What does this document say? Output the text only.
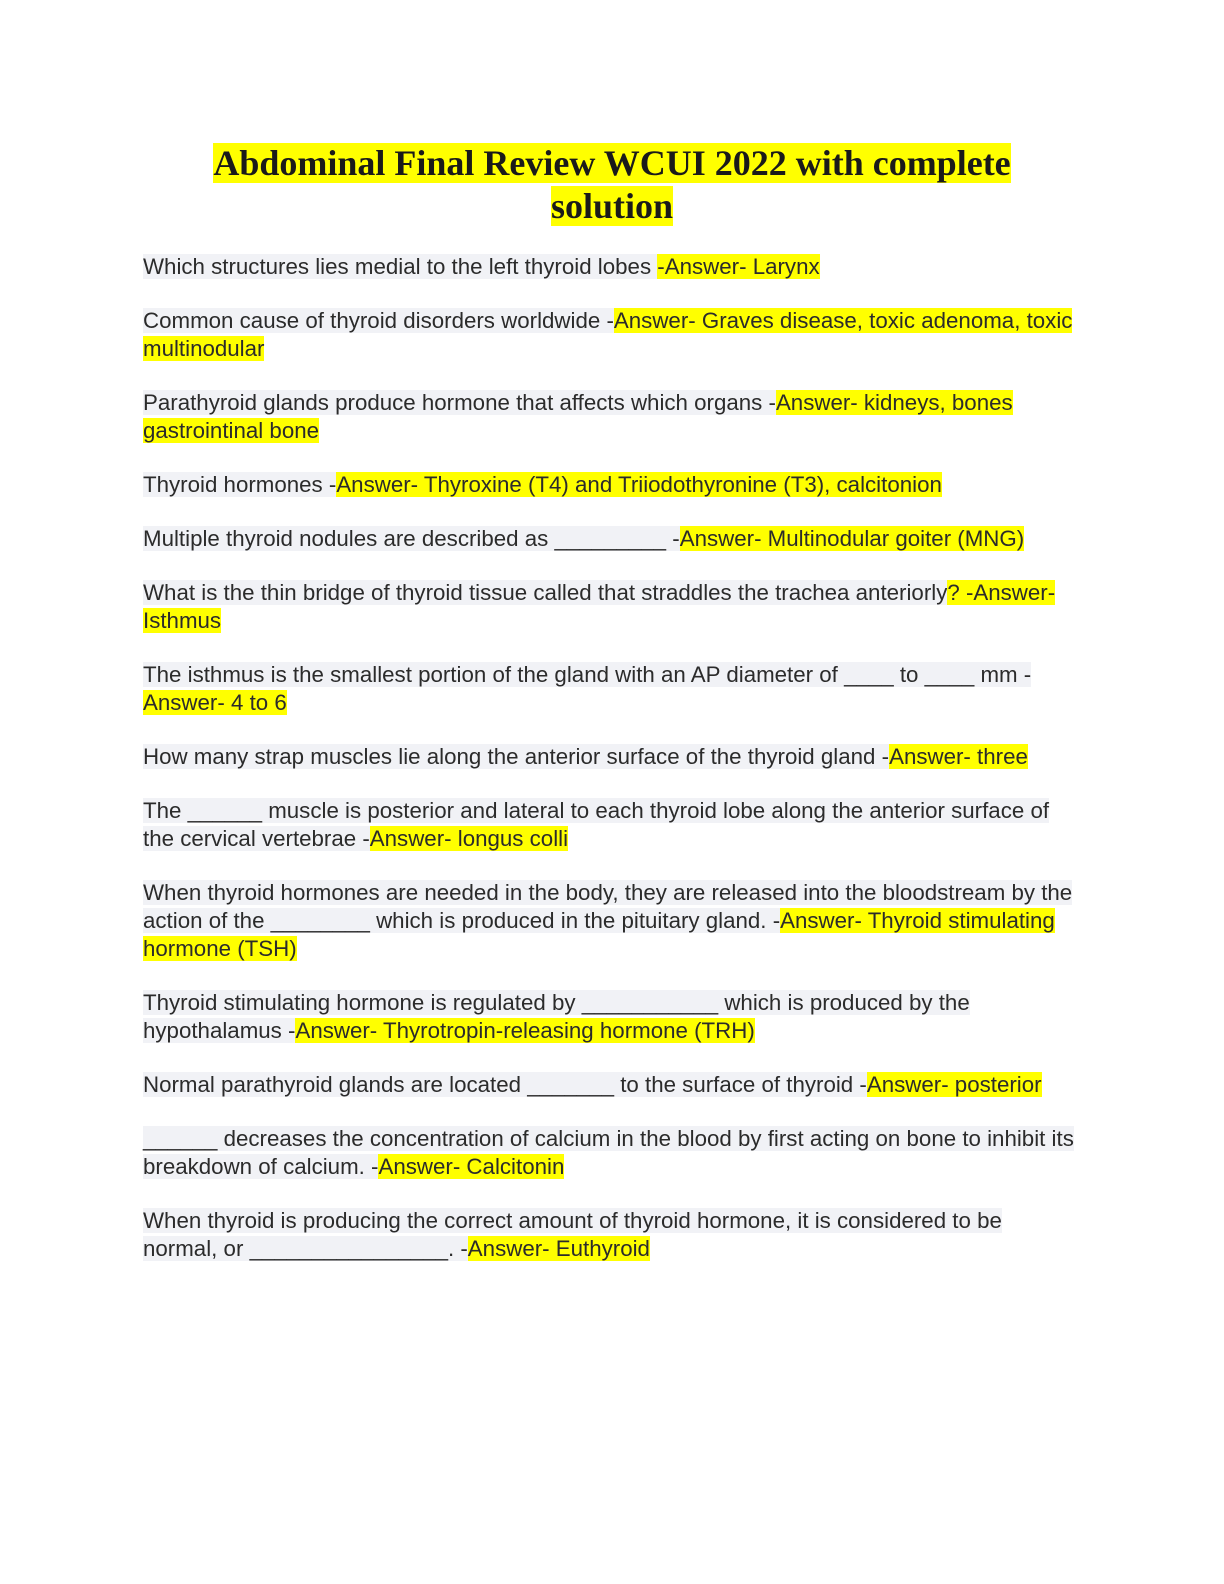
Abdominal Final Review WCUI 2022 with complete
solution
Which structures lies medial to the left thyroid lobes -Answer- Larynx
Common cause of thyroid disorders worldwide -Answer- Graves disease, toxic adenoma, toxic multinodular
Parathyroid glands produce hormone that affects which organs -Answer- kidneys, bones gastrointinal bone
Thyroid hormones -Answer- Thyroxine (T4) and Triiodothyronine (T3), calcitonion
Multiple thyroid nodules are described as _________ -Answer- Multinodular goiter (MNG)
What is the thin bridge of thyroid tissue called that straddles the trachea anteriorly? -Answer- Isthmus
The isthmus is the smallest portion of the gland with an AP diameter of ____ to ____ mm -Answer- 4 to 6
How many strap muscles lie along the anterior surface of the thyroid gland -Answer- three
The ______ muscle is posterior and lateral to each thyroid lobe along the anterior surface of the cervical vertebrae -Answer- longus colli
When thyroid hormones are needed in the body, they are released into the bloodstream by the action of the ________ which is produced in the pituitary gland. -Answer- Thyroid stimulating hormone (TSH)
Thyroid stimulating hormone is regulated by ___________ which is produced by the hypothalamus -Answer- Thyrotropin-releasing hormone (TRH)
Normal parathyroid glands are located _______ to the surface of thyroid -Answer- posterior
______ decreases the concentration of calcium in the blood by first acting on bone to inhibit its breakdown of calcium. -Answer- Calcitonin
When thyroid is producing the correct amount of thyroid hormone, it is considered to be normal, or ________________. -Answer- Euthyroid
